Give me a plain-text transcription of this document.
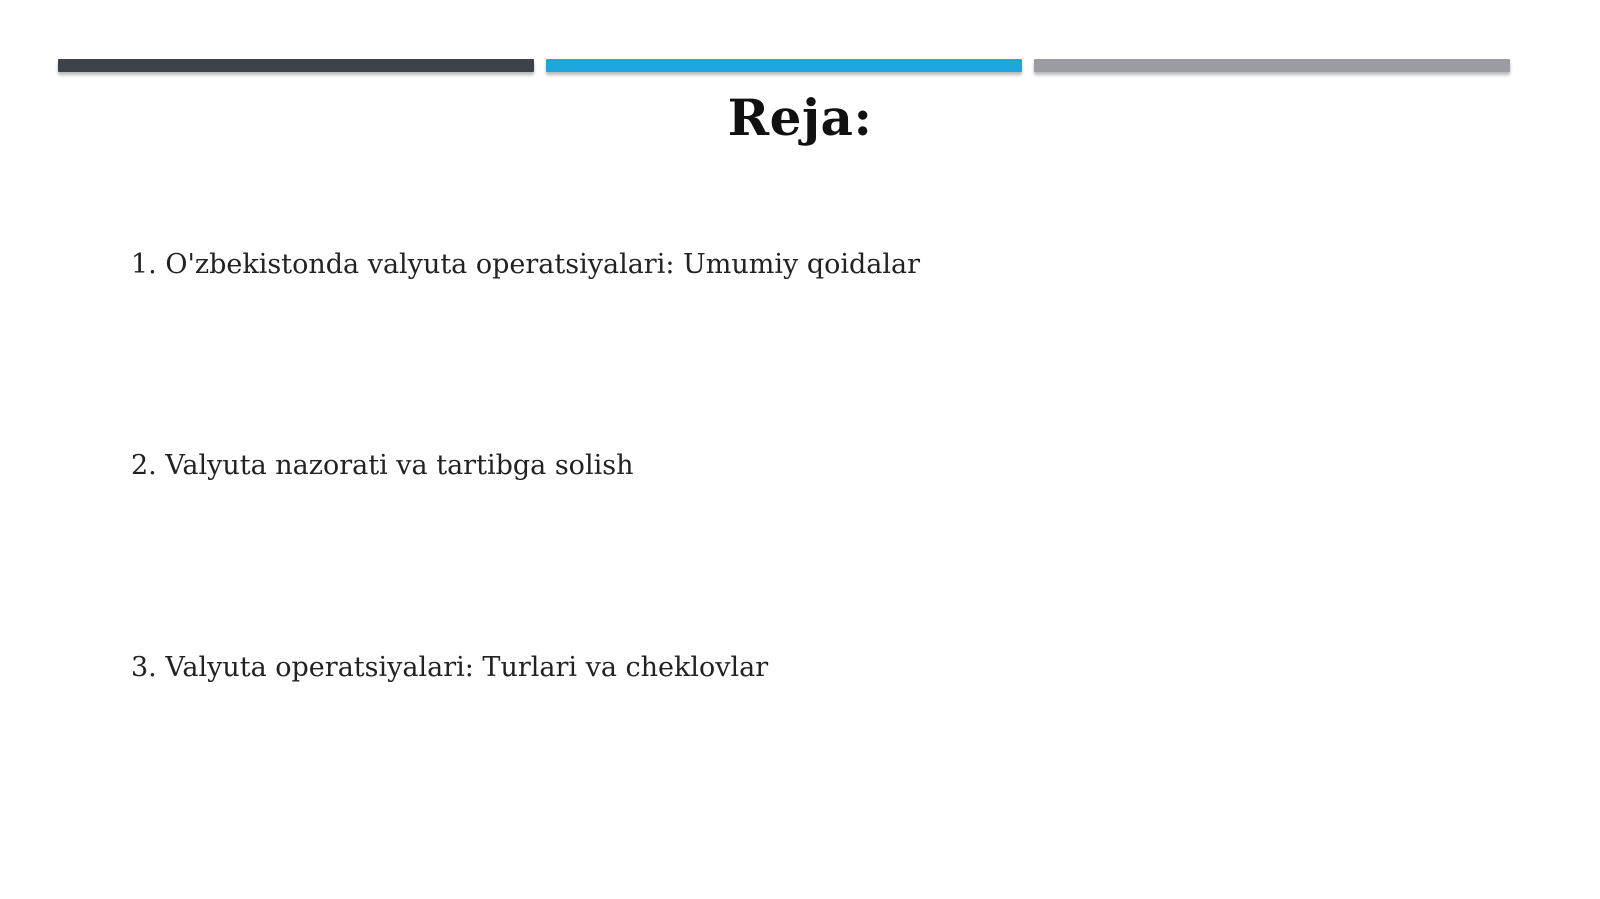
Reja:
1. O'zbekistonda valyuta operatsiyalari: Umumiy qoidalar
2. Valyuta nazorati va tartibga solish
3. Valyuta operatsiyalari: Turlari va cheklovlar
